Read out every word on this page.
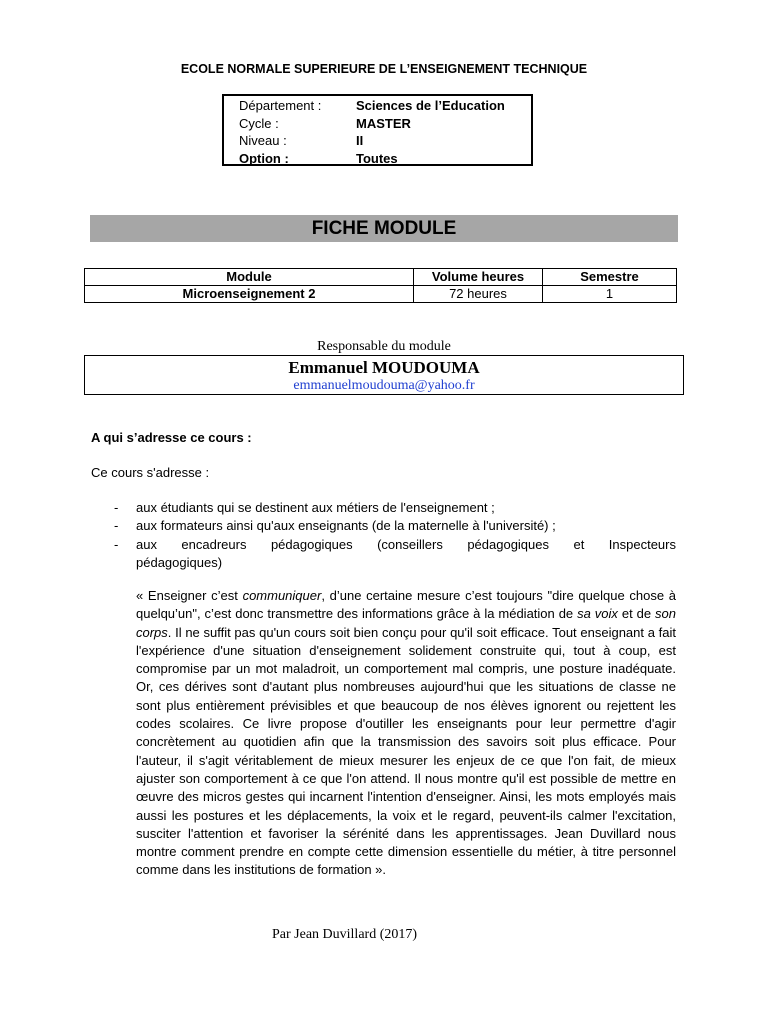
ECOLE NORMALE SUPERIEURE DE L’ENSEIGNEMENT TECHNIQUE
Département :	Sciences de l’Education
Cycle :	MASTER
Niveau :	II
Option :	Toutes
FICHE MODULE
Module	Volume heures	Semestre
Microenseignement 2	72 heures	1
Responsable du module
Emmanuel MOUDOUMA
emmanuelmoudouma@yahoo.fr
A qui s’adresse ce cours :
Ce cours s'adresse :
- aux étudiants qui se destinent aux métiers de l'enseignement ;
- aux formateurs ainsi qu'aux enseignants (de la maternelle à l'université) ;
- aux encadreurs pédagogiques (conseillers pédagogiques et Inspecteurs
pédagogiques)
« Enseigner c’est communiquer, d’une certaine mesure c’est toujours "dire quelque chose à quelqu’un", c’est donc transmettre des informations grâce à la médiation de sa voix et de son corps. Il ne suffit pas qu'un cours soit bien conçu pour qu'il soit efficace. Tout enseignant a fait l'expérience d'une situation d'enseignement solidement construite qui, tout à coup, est compromise par un mot maladroit, un comportement mal compris, une posture inadéquate. Or, ces dérives sont d'autant plus nombreuses aujourd'hui que les situations de classe ne sont plus entièrement prévisibles et que beaucoup de nos élèves ignorent ou rejettent les codes scolaires. Ce livre propose d'outiller les enseignants pour leur permettre d'agir concrètement au quotidien afin que la transmission des savoirs soit plus efficace. Pour l'auteur, il s'agit véritablement de mieux mesurer les enjeux de ce que l'on fait, de mieux ajuster son comportement à ce que l'on attend. Il nous montre qu'il est possible de mettre en œuvre des micros gestes qui incarnent l'intention d'enseigner. Ainsi, les mots employés mais aussi les postures et les déplacements, la voix et le regard, peuvent-ils calmer l'excitation, susciter l'attention et favoriser la sérénité dans les apprentissages. Jean Duvillard nous montre comment prendre en compte cette dimension essentielle du métier, à titre personnel comme dans les institutions de formation ».
Par Jean Duvillard (2017)
